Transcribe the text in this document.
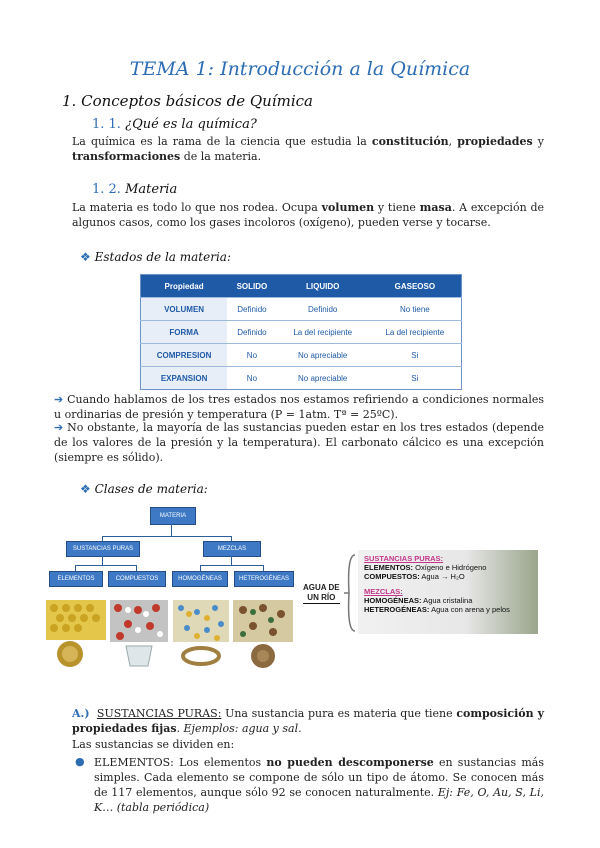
TEMA 1: Introducción a la Química
1. Conceptos básicos de Química
1. 1. ¿Qué es la química?
La química es la rama de la ciencia que estudia la constitución, propiedades y transformaciones de la materia.
1. 2. Materia
La materia es todo lo que nos rodea. Ocupa volumen y tiene masa. A excepción de algunos casos, como los gases incoloros (oxígeno), pueden verse y tocarse.
❖ Estados de la materia:
Propiedad	SOLIDO	LIQUIDO	GASEOSO
VOLUMEN	Definido	Definido	No tiene
FORMA	Definido	La del recipiente	La del recipiente
COMPRESION	No	No apreciable	Si
EXPANSION	No	No apreciable	Si
➔ Cuando hablamos de los tres estados nos estamos refiriendo a condiciones normales u ordinarias de presión y temperatura (P = 1atm. Tª = 25ºC).
➔ No obstante, la mayoría de las sustancias pueden estar en los tres estados (depende de los valores de la presión y la temperatura). El carbonato cálcico es una excepción (siempre es sólido).
❖ Clases de materia:
MATERIA
SUSTANCIAS PURAS	MEZCLAS
ELEMENTOS	COMPUESTOS	HOMOGÉNEAS	HETEROGÉNEAS
AGUA DE
UN RÍO
SUSTANCIAS PURAS:
ELEMENTOS: Oxígeno e Hidrógeno
COMPUESTOS: Agua → H₂O
MEZCLAS:
HOMOGÉNEAS: Agua cristalina
HETEROGÉNEAS: Agua con arena y pelos
A.) SUSTANCIAS PURAS: Una sustancia pura es materia que tiene composición y propiedades fijas. Ejemplos: agua y sal.
Las sustancias se dividen en:
● ELEMENTOS: Los elementos no pueden descomponerse en sustancias más simples. Cada elemento se compone de sólo un tipo de átomo. Se conocen más de 117 elementos, aunque sólo 92 se conocen naturalmente. Ej: Fe, O, Au, S, Li, K… (tabla periódica)
